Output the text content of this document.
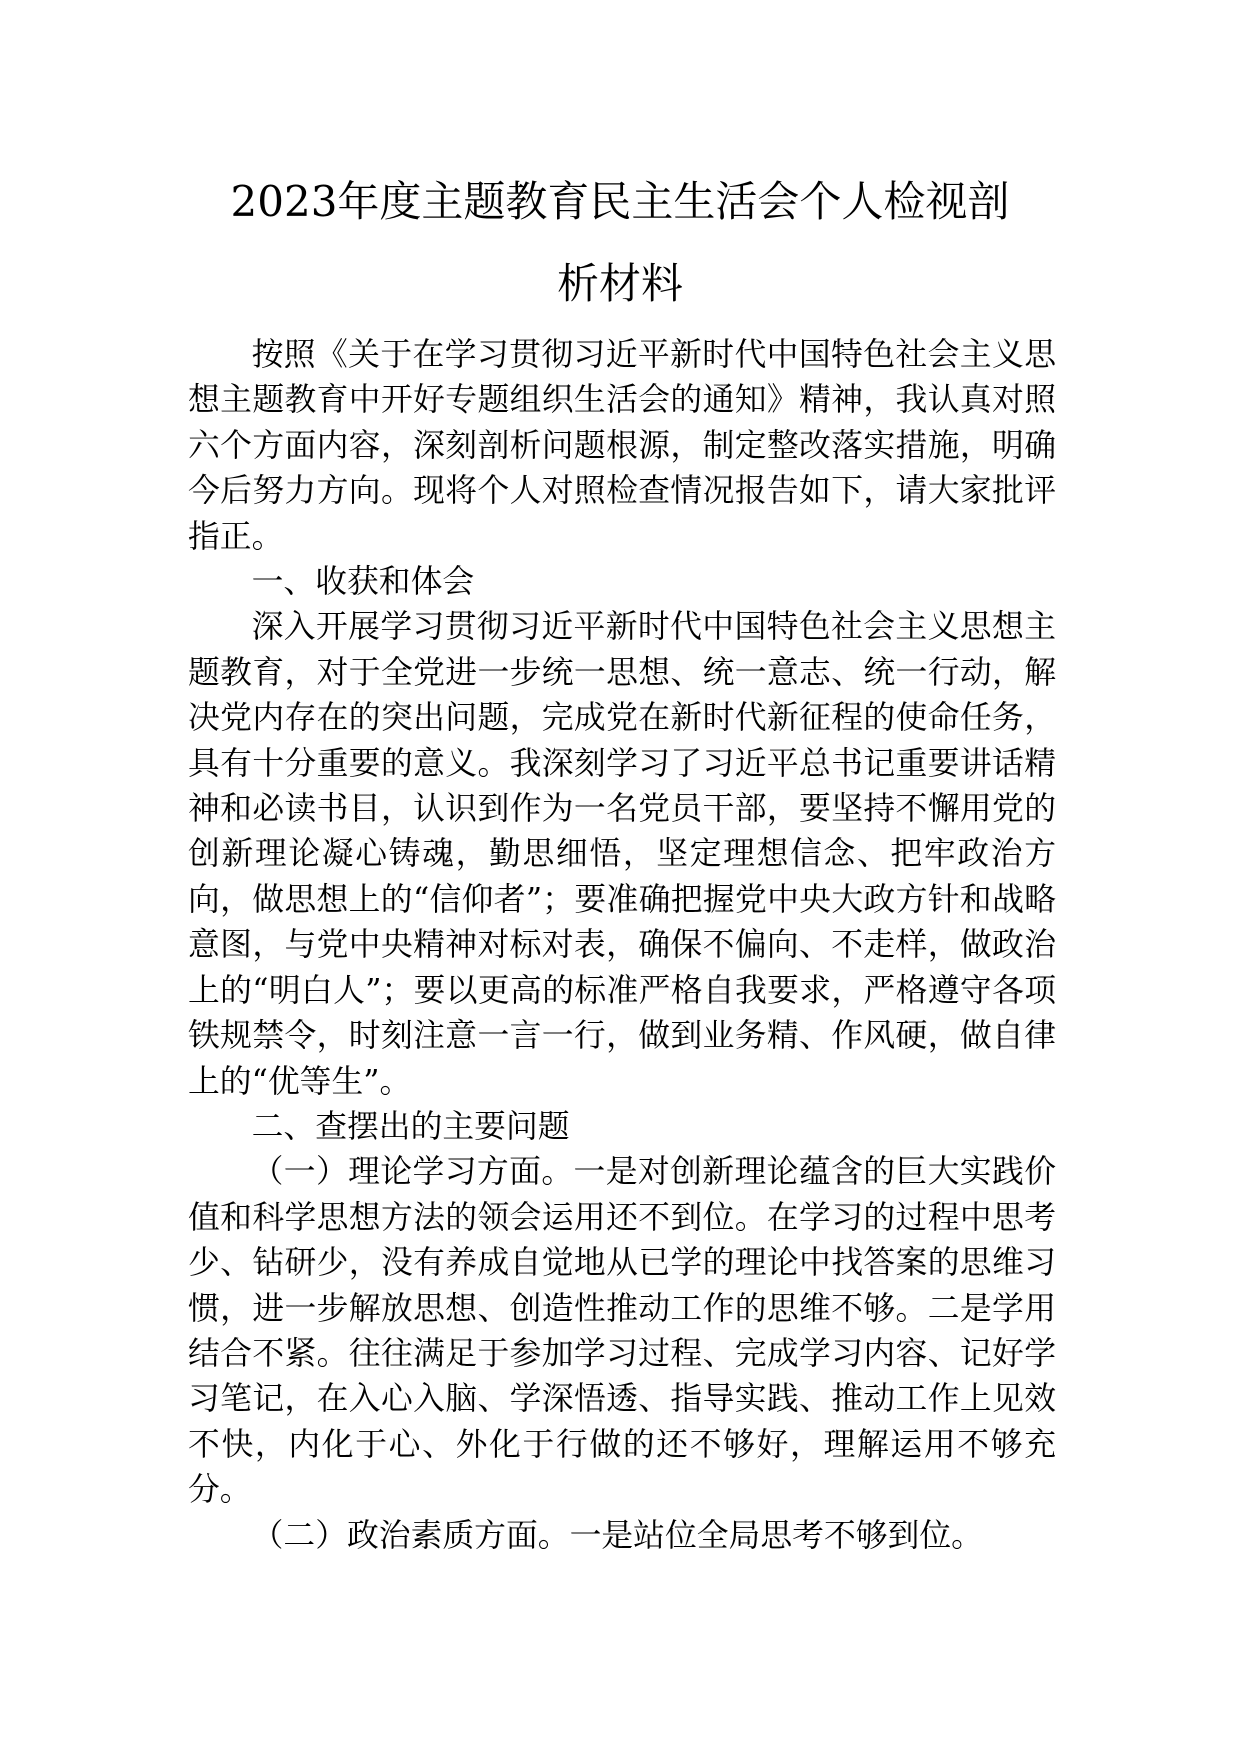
2023年度主题教育民主生活会个人检视剖
析材料

按照《关于在学习贯彻习近平新时代中国特色社会主义思想主题教育中开好专题组织生活会的通知》精神，我认真对照六个方面内容，深刻剖析问题根源，制定整改落实措施，明确今后努力方向。现将个人对照检查情况报告如下，请大家批评指正。

一、收获和体会

深入开展学习贯彻习近平新时代中国特色社会主义思想主题教育，对于全党进一步统一思想、统一意志、统一行动，解决党内存在的突出问题，完成党在新时代新征程的使命任务，具有十分重要的意义。我深刻学习了习近平总书记重要讲话精神和必读书目，认识到作为一名党员干部，要坚持不懈用党的创新理论凝心铸魂，勤思细悟，坚定理想信念、把牢政治方向，做思想上的“信仰者”；要准确把握党中央大政方针和战略意图，与党中央精神对标对表，确保不偏向、不走样，做政治上的“明白人”；要以更高的标准严格自我要求，严格遵守各项铁规禁令，时刻注意一言一行，做到业务精、作风硬，做自律上的“优等生”。

二、查摆出的主要问题

（一）理论学习方面。一是对创新理论蕴含的巨大实践价值和科学思想方法的领会运用还不到位。在学习的过程中思考少、钻研少，没有养成自觉地从已学的理论中找答案的思维习惯，进一步解放思想、创造性推动工作的思维不够。二是学用结合不紧。往往满足于参加学习过程、完成学习内容、记好学习笔记，在入心入脑、学深悟透、指导实践、推动工作上见效不快，内化于心、外化于行做的还不够好，理解运用不够充分。

（二）政治素质方面。一是站位全局思考不够到位。
